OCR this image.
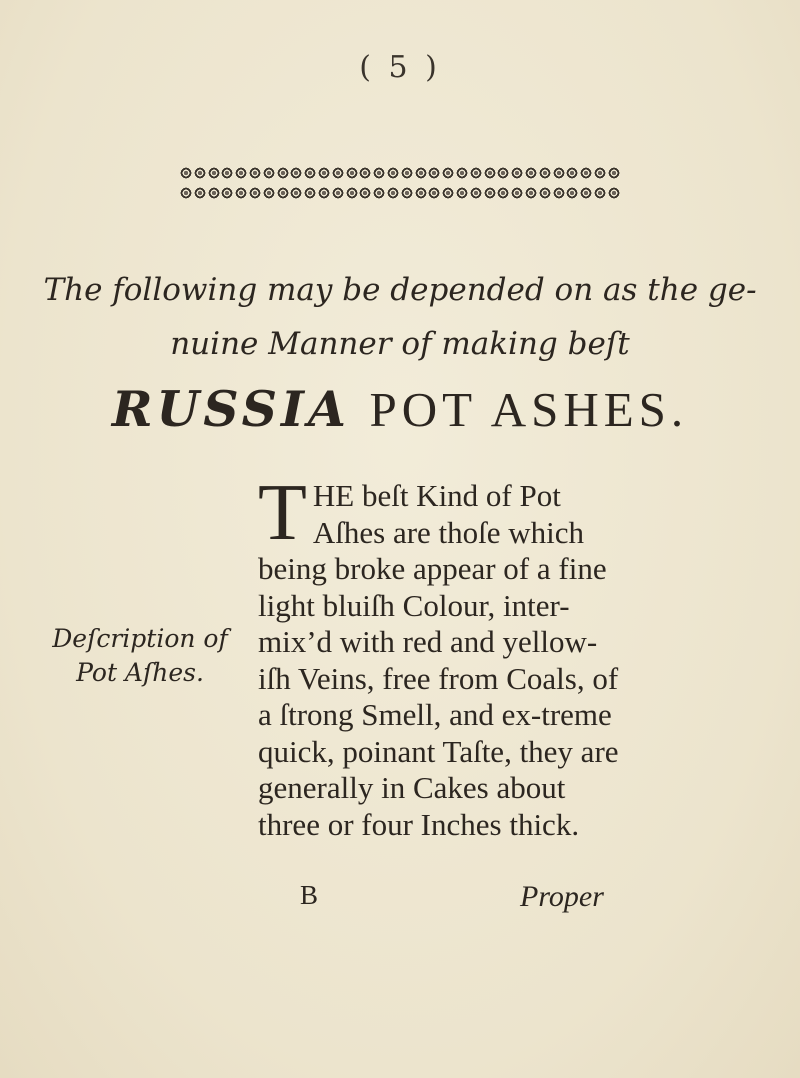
( 5 )
The following may be depended on as the ge-
nuine Manner of making beſt
RUSSIA POT ASHES.
Deſcription of Pot Aſhes.
T HE beſt Kind of Pot Aſhes are thoſe which being broke appear of a fine light bluiſh Colour, inter-mix’d with red and yellow-iſh Veins, free from Coals, of a ſtrong Smell, and ex-treme quick, poinant Taſte, they are generally in Cakes about three or four Inches thick.

B	Proper
